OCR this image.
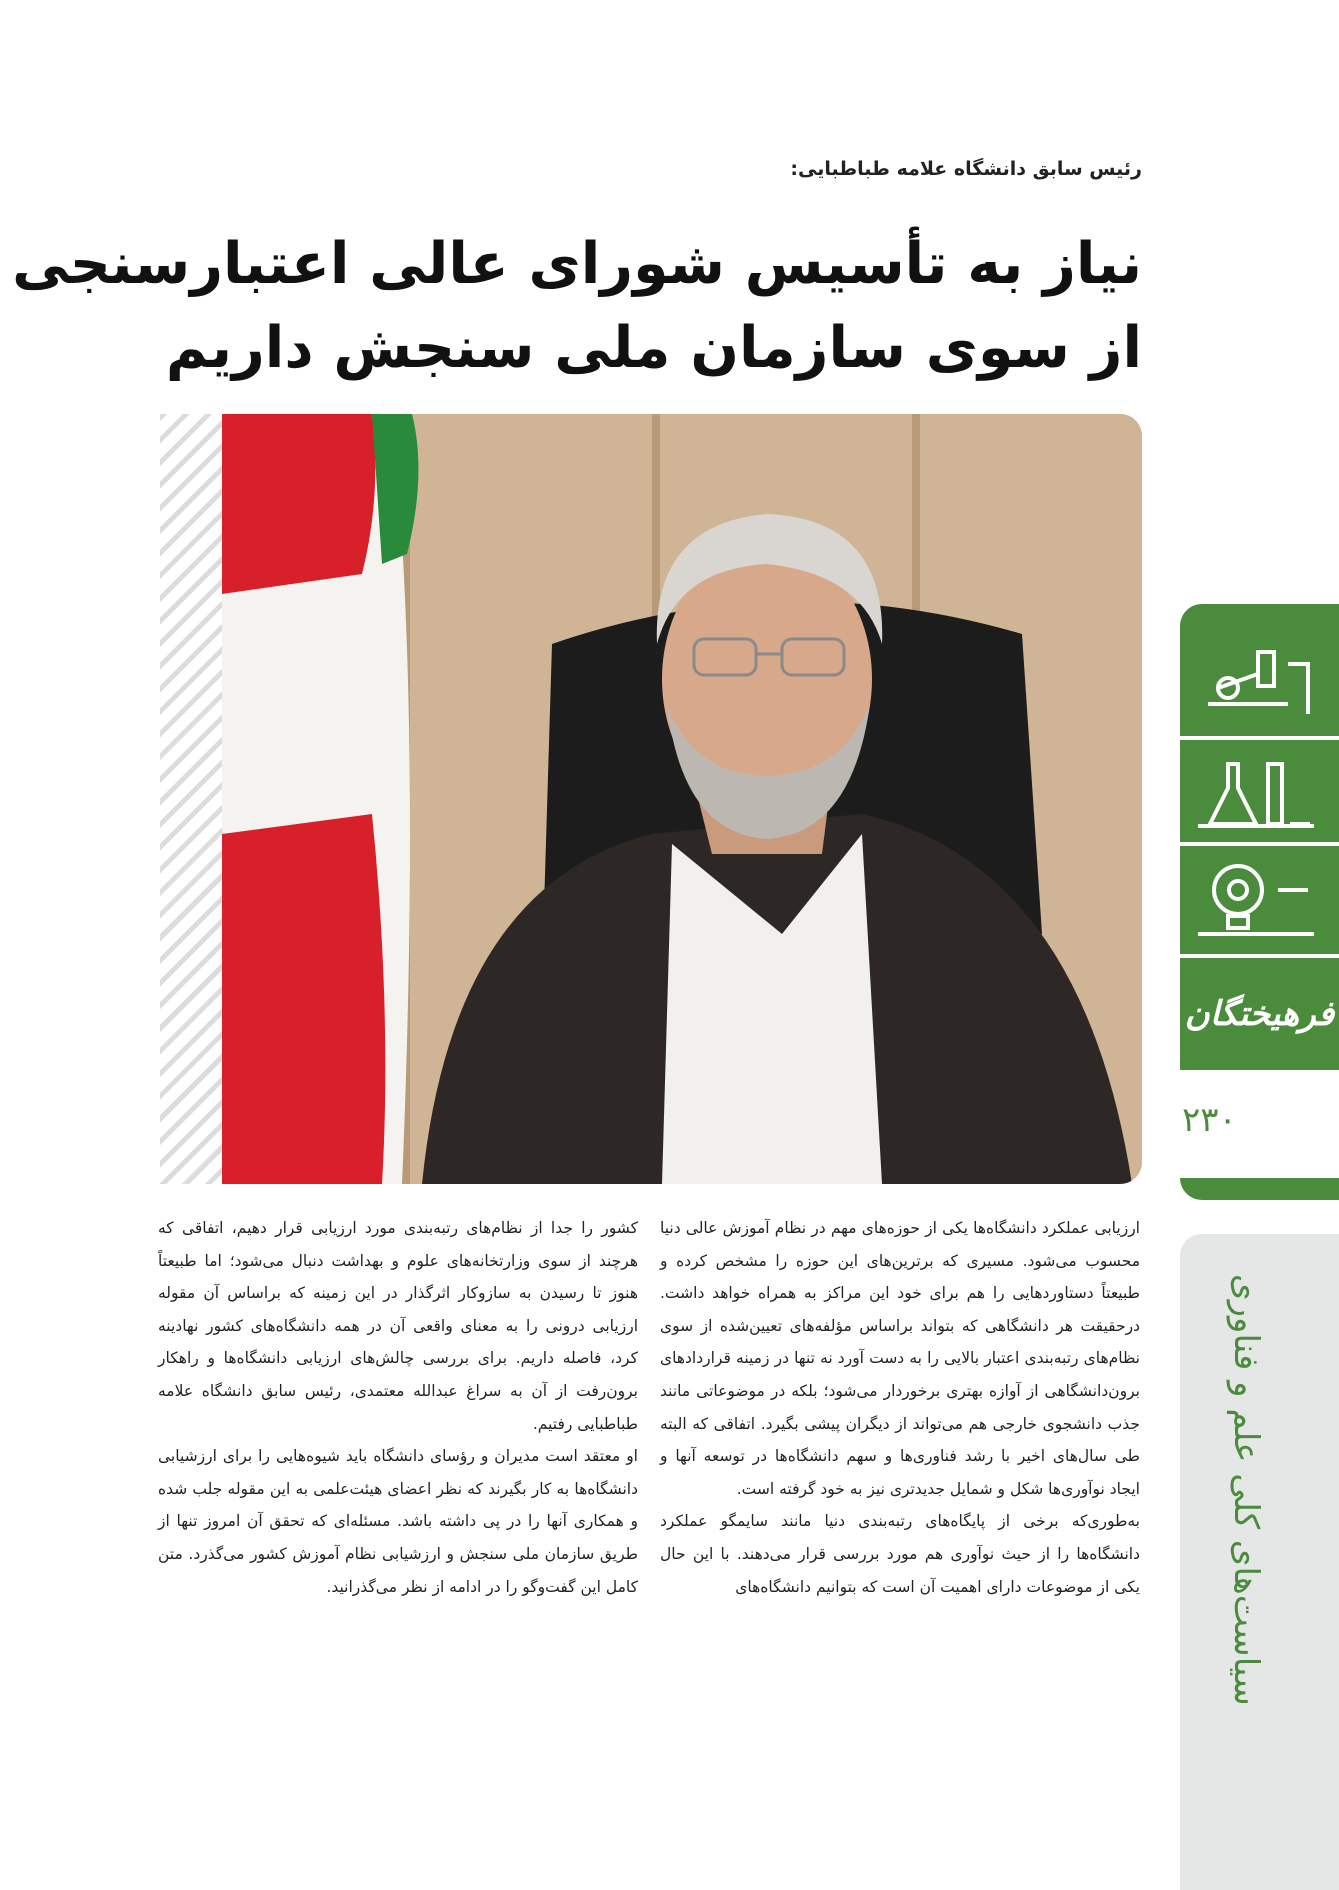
رئیس سابق دانشگاه علامه طباطبایی:
نیاز به تأسیس شورای عالی اعتبارسنجی
از سوی سازمان ملی سنجش داریم
فرهیختگان
۲۳۰
سیاست‌های کلی علم و فناوری

ارزیابی عملکرد دانشگاه‌ها یکی از حوزه‌های مهم در نظام آموزش عالی دنیا محسوب می‌شود. مسیری که برترین‌های این حوزه را مشخص کرده و طبیعتاً دستاوردهایی را هم برای خود این مراکز به همراه خواهد داشت. درحقیقت هر دانشگاهی که بتواند براساس مؤلفه‌های تعیین‌شده از سوی نظام‌های رتبه‌بندی اعتبار بالایی را به دست آورد نه تنها در زمینه قراردادهای برون‌دانشگاهی از آوازه بهتری برخوردار می‌شود؛ بلکه در موضوعاتی مانند جذب دانشجوی خارجی هم می‌تواند از دیگران پیشی بگیرد. اتفاقی که البته طی سال‌های اخیر با رشد فناوری‌ها و سهم دانشگاه‌ها در توسعه آنها و ایجاد نوآوری‌ها شکل و شمایل جدیدتری نیز به خود گرفته است.

به‌طوری‌که برخی از پایگاه‌های رتبه‌بندی دنیا مانند سایمگو عملکرد دانشگاه‌ها را از حیث نوآوری هم مورد بررسی قرار می‌دهند. با این حال یکی از موضوعات دارای اهمیت آن است که بتوانیم دانشگاه‌های

کشور را جدا از نظام‌های رتبه‌بندی مورد ارزیابی قرار دهیم، اتفاقی که هرچند از سوی وزارتخانه‌های علوم و بهداشت دنبال می‌شود؛ اما طبیعتاً هنوز تا رسیدن به سازوکار اثرگذار در این زمینه که براساس آن مقوله ارزیابی درونی را به معنای واقعی آن در همه دانشگاه‌های کشور نهادینه کرد، فاصله داریم. برای بررسی چالش‌های ارزیابی دانشگاه‌ها و راهکار برون‌رفت از آن به سراغ عبدالله معتمدی، رئیس سابق دانشگاه علامه طباطبایی رفتیم.

او معتقد است مدیران و رؤسای دانشگاه باید شیوه‌هایی را برای ارزشیابی دانشگاه‌ها به کار بگیرند که نظر اعضای هیئت‌علمی به این مقوله جلب شده و همکاری آنها را در پی داشته باشد. مسئله‌ای که تحقق آن امروز تنها از طریق سازمان ملی سنجش و ارزشیابی نظام آموزش کشور می‌گذرد. متن کامل این گفت‌وگو را در ادامه از نظر می‌گذرانید.
